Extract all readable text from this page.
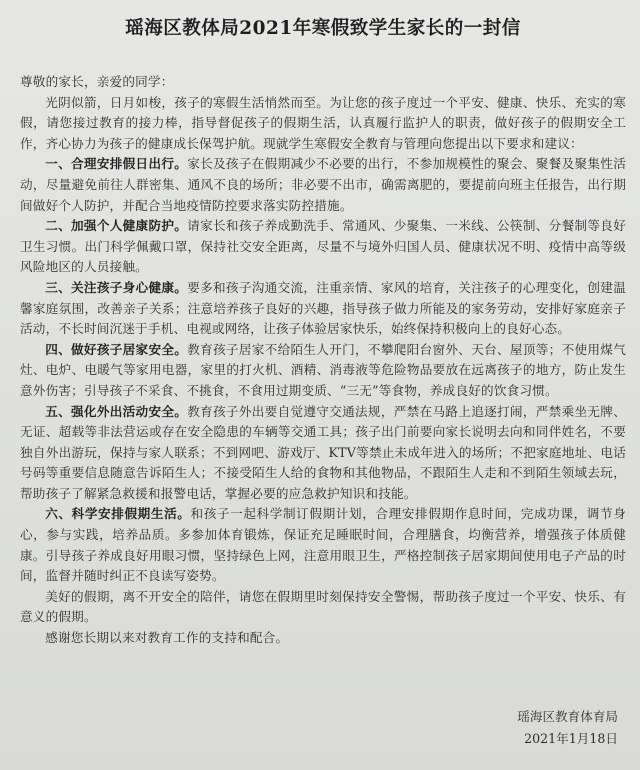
瑶海区教体局2021年寒假致学生家长的一封信

尊敬的家长，亲爱的同学：

光阴似箭，日月如梭，孩子的寒假生活悄然而至。为让您的孩子度过一个平安、健康、快乐、充实的寒假，请您接过教育的接力棒，指导督促孩子的假期生活，认真履行监护人的职责，做好孩子的假期安全工作，齐心协力为孩子的健康成长保驾护航。现就学生寒假安全教育与管理向您提出以下要求和建议：

一、合理安排假日出行。家长及孩子在假期减少不必要的出行，不参加规模性的聚会、聚餐及聚集性活动，尽量避免前往人群密集、通风不良的场所；非必要不出市，确需离肥的，要提前向班主任报告，出行期间做好个人防护，并配合当地疫情防控要求落实防控措施。

二、加强个人健康防护。请家长和孩子养成勤洗手、常通风、少聚集、一米线、公筷制、分餐制等良好卫生习惯。出门科学佩戴口罩，保持社交安全距离，尽量不与境外归国人员、健康状况不明、疫情中高等级风险地区的人员接触。

三、关注孩子身心健康。要多和孩子沟通交流，注重亲情、家风的培育，关注孩子的心理变化，创建温馨家庭氛围，改善亲子关系；注意培养孩子良好的兴趣，指导孩子做力所能及的家务劳动，安排好家庭亲子活动，不长时间沉迷于手机、电视或网络，让孩子体验居家快乐，始终保持积极向上的良好心态。

四、做好孩子居家安全。教育孩子居家不给陌生人开门，不攀爬阳台窗外、天台、屋顶等；不使用煤气灶、电炉、电暖气等家用电器，家里的打火机、酒精、消毒液等危险物品要放在远离孩子的地方，防止发生意外伤害；引导孩子不采食、不挑食，不食用过期变质、“三无”等食物，养成良好的饮食习惯。

五、强化外出活动安全。教育孩子外出要自觉遵守交通法规，严禁在马路上追逐打闹，严禁乘坐无牌、无证、超载等非法营运或存在安全隐患的车辆等交通工具；孩子出门前要向家长说明去向和同伴姓名，不要独自外出游玩，保持与家人联系；不到网吧、游戏厅、KTV等禁止未成年进入的场所；不把家庭地址、电话号码等重要信息随意告诉陌生人；不接受陌生人给的食物和其他物品，不跟陌生人走和不到陌生领域去玩，帮助孩子了解紧急救援和报警电话，掌握必要的应急救护知识和技能。

六、科学安排假期生活。和孩子一起科学制订假期计划，合理安排假期作息时间，完成功课，调节身心，参与实践，培养品质。多参加体育锻炼，保证充足睡眠时间，合理膳食，均衡营养，增强孩子体质健康。引导孩子养成良好用眼习惯，坚持绿色上网，注意用眼卫生，严格控制孩子居家期间使用电子产品的时间，监督并随时纠正不良读写姿势。

美好的假期，离不开安全的陪伴，请您在假期里时刻保持安全警惕，帮助孩子度过一个平安、快乐、有意义的假期。

感谢您长期以来对教育工作的支持和配合。

瑶海区教育体育局
2021年1月18日
